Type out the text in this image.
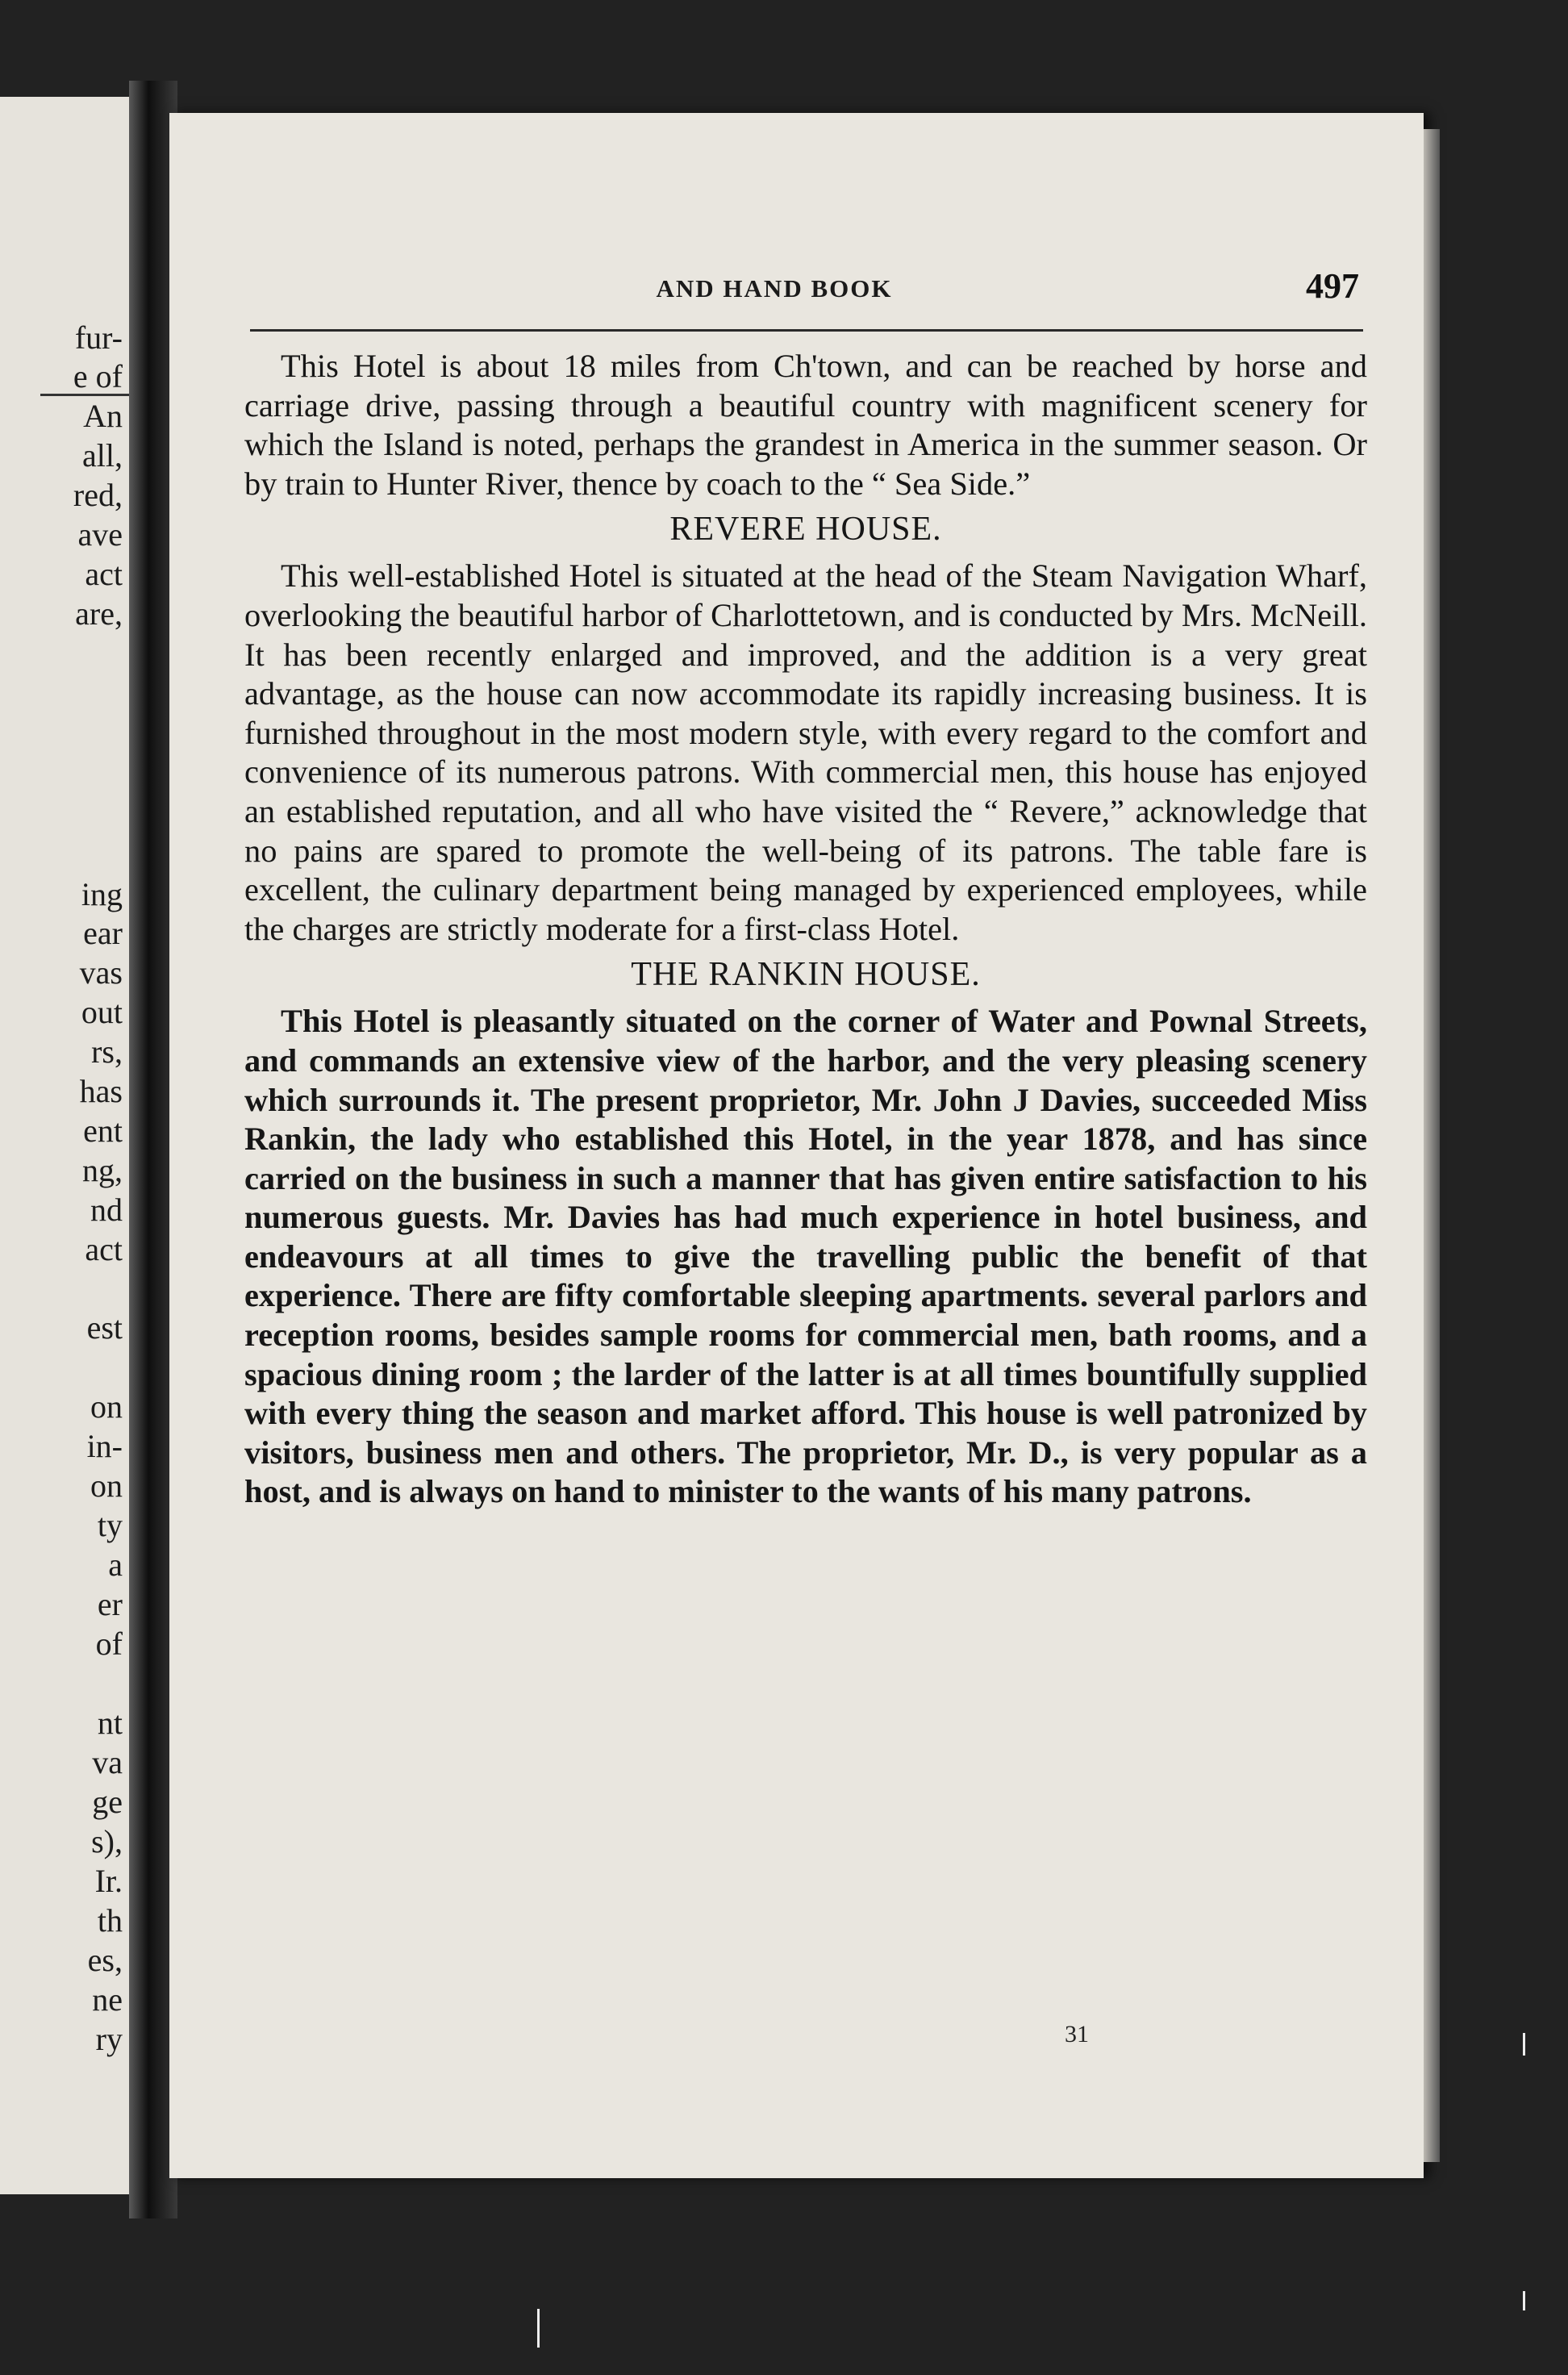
fur-
e of
An
all,
red,
ave
act
are,
ing
ear
vas
out
rs,
has
ent
ng,
nd
act
est
on
in-
on
ty
a
er
of
nt
va
ge
s),
Ir.
th
es,
ne
ry
AND HAND BOOK	497

This Hotel is about 18 miles from Ch'town, and can be reached by horse and carriage drive, passing through a beautiful country with magnificent scenery for which the Island is noted, perhaps the grandest in America in the summer season. Or by train to Hunter River, thence by coach to the “ Sea Side.”

REVERE HOUSE.

This well-established Hotel is situated at the head of the Steam Navigation Wharf, overlooking the beautiful harbor of Charlottetown, and is conducted by Mrs. McNeill. It has been recently enlarged and improved, and the addition is a very great advantage, as the house can now accommodate its rapidly increasing business. It is furnished throughout in the most modern style, with every regard to the comfort and convenience of its numerous patrons. With commercial men, this house has enjoyed an established reputation, and all who have visited the “ Revere,” acknowledge that no pains are spared to promote the well-being of its patrons. The table fare is excellent, the culinary department being managed by experienced employees, while the charges are strictly moderate for a first-class Hotel.

THE RANKIN HOUSE.

This Hotel is pleasantly situated on the corner of Water and Pownal Streets, and commands an extensive view of the harbor, and the very pleasing scenery which surrounds it. The present proprietor, Mr. John J Davies, succeeded Miss Rankin, the lady who established this Hotel, in the year 1878, and has since carried on the business in such a manner that has given entire satisfaction to his numerous guests. Mr. Davies has had much experience in hotel business, and endeavours at all times to give the travelling public the benefit of that experience. There are fifty comfortable sleeping apartments. several parlors and reception rooms, besides sample rooms for commercial men, bath rooms, and a spacious dining room ; the larder of the latter is at all times bountifully supplied with every thing the season and market afford. This house is well patronized by visitors, business men and others. The proprietor, Mr. D., is very popular as a host, and is always on hand to minister to the wants of his many patrons.

31
